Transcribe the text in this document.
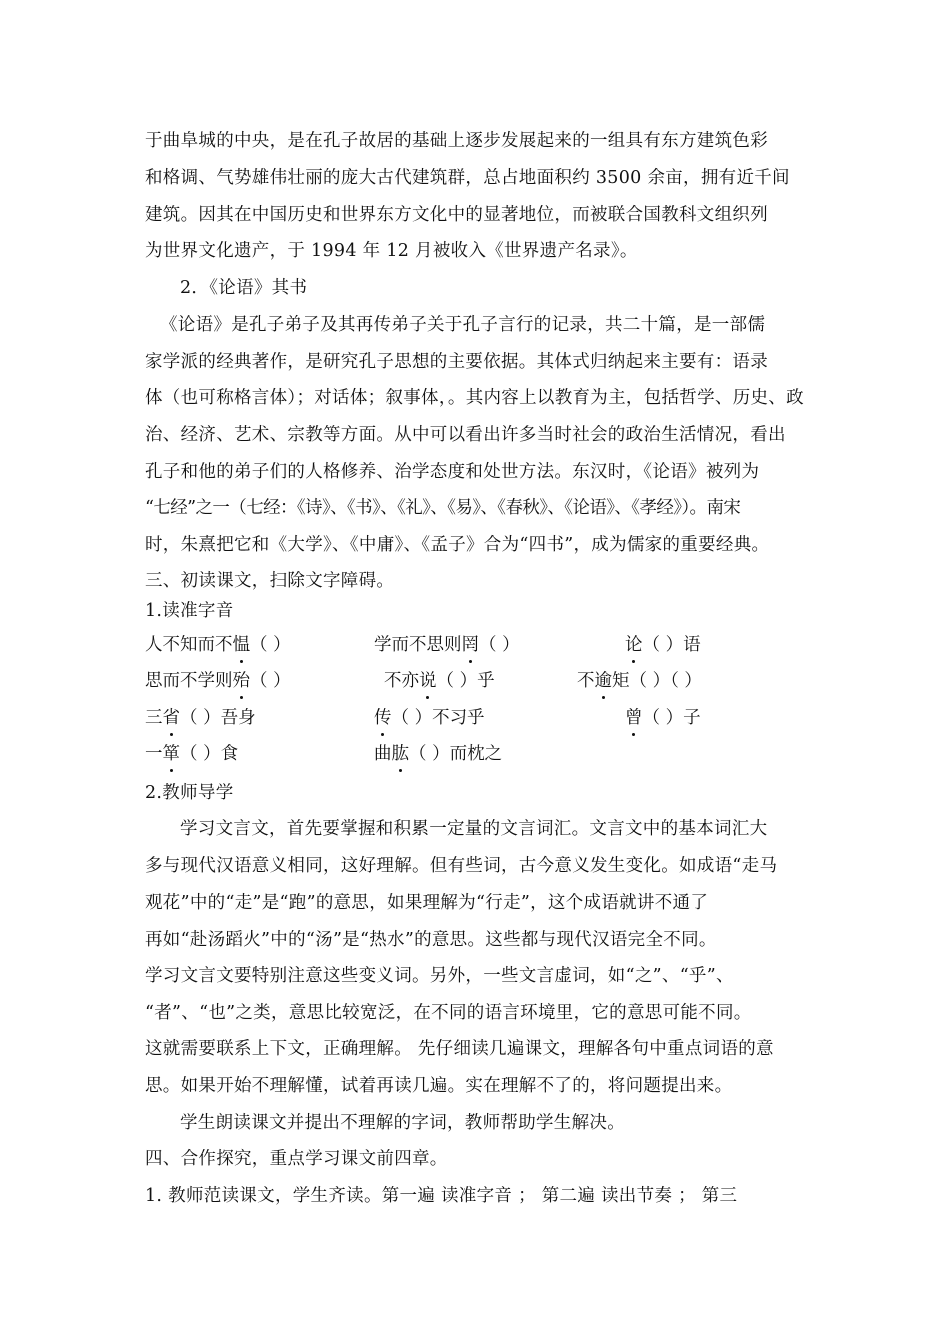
于曲阜城的中央，是在孔子故居的基础上逐步发展起来的一组具有东方建筑色彩
和格调、气势雄伟壮丽的庞大古代建筑群，总占地面积约 3500 余亩，拥有近千间
建筑。因其在中国历史和世界东方文化中的显著地位，而被联合国教科文组织列
为世界文化遗产，于 1994 年 12 月被收入《世界遗产名录》。
2．《论语》其书
《论语》是孔子弟子及其再传弟子关于孔子言行的记录，共二十篇，是一部儒
家学派的经典著作，是研究孔子思想的主要依据。其体式归纳起来主要有：语录
体（也可称格言体）；对话体；叙事体，。其内容上以教育为主，包括哲学、历史、政
治、经济、艺术、宗教等方面。从中可以看出许多当时社会的政治生活情况，看出
孔子和他的弟子们的人格修养、治学态度和处世方法。东汉时，《论语》被列为
“七经”之一（七经：《诗》、《书》、《礼》、《易》、《春秋》、《论语》、《孝经》）。南宋
时，朱熹把它和《大学》、《中庸》、《孟子》合为“四书”，成为儒家的重要经典。
三、初读课文，扫除文字障碍。
1.读准字音
人不知而不愠（ ）	学而不思则罔（ ）	论（ ）语
思而不学则殆（ ）	不亦说（ ）乎	不逾矩（ ）（ ）
三省（ ）吾身	传（ ）不习乎	曾（ ）子
一箪（ ）食	曲肱（ ）而枕之
2.教师导学
学习文言文，首先要掌握和积累一定量的文言词汇。文言文中的基本词汇大
多与现代汉语意义相同，这好理解。但有些词，古今意义发生变化。如成语“走马
观花”中的“走”是“跑”的意思，如果理解为“行走”，这个成语就讲不通了
再如“赴汤蹈火”中的“汤”是“热水”的意思。这些都与现代汉语完全不同。
学习文言文要特别注意这些变义词。另外，一些文言虚词，如“之”、“乎”、
“者”、“也”之类，意思比较宽泛，在不同的语言环境里，它的意思可能不同。
这就需要联系上下文，正确理解。 先仔细读几遍课文，理解各句中重点词语的意
思。如果开始不理解懂，试着再读几遍。实在理解不了的，将问题提出来。
学生朗读课文并提出不理解的字词，教师帮助学生解决。
四、合作探究，重点学习课文前四章。
1. 教师范读课文，学生齐读。第一遍 读准字音 ； 第二遍 读出节奏 ； 第三
